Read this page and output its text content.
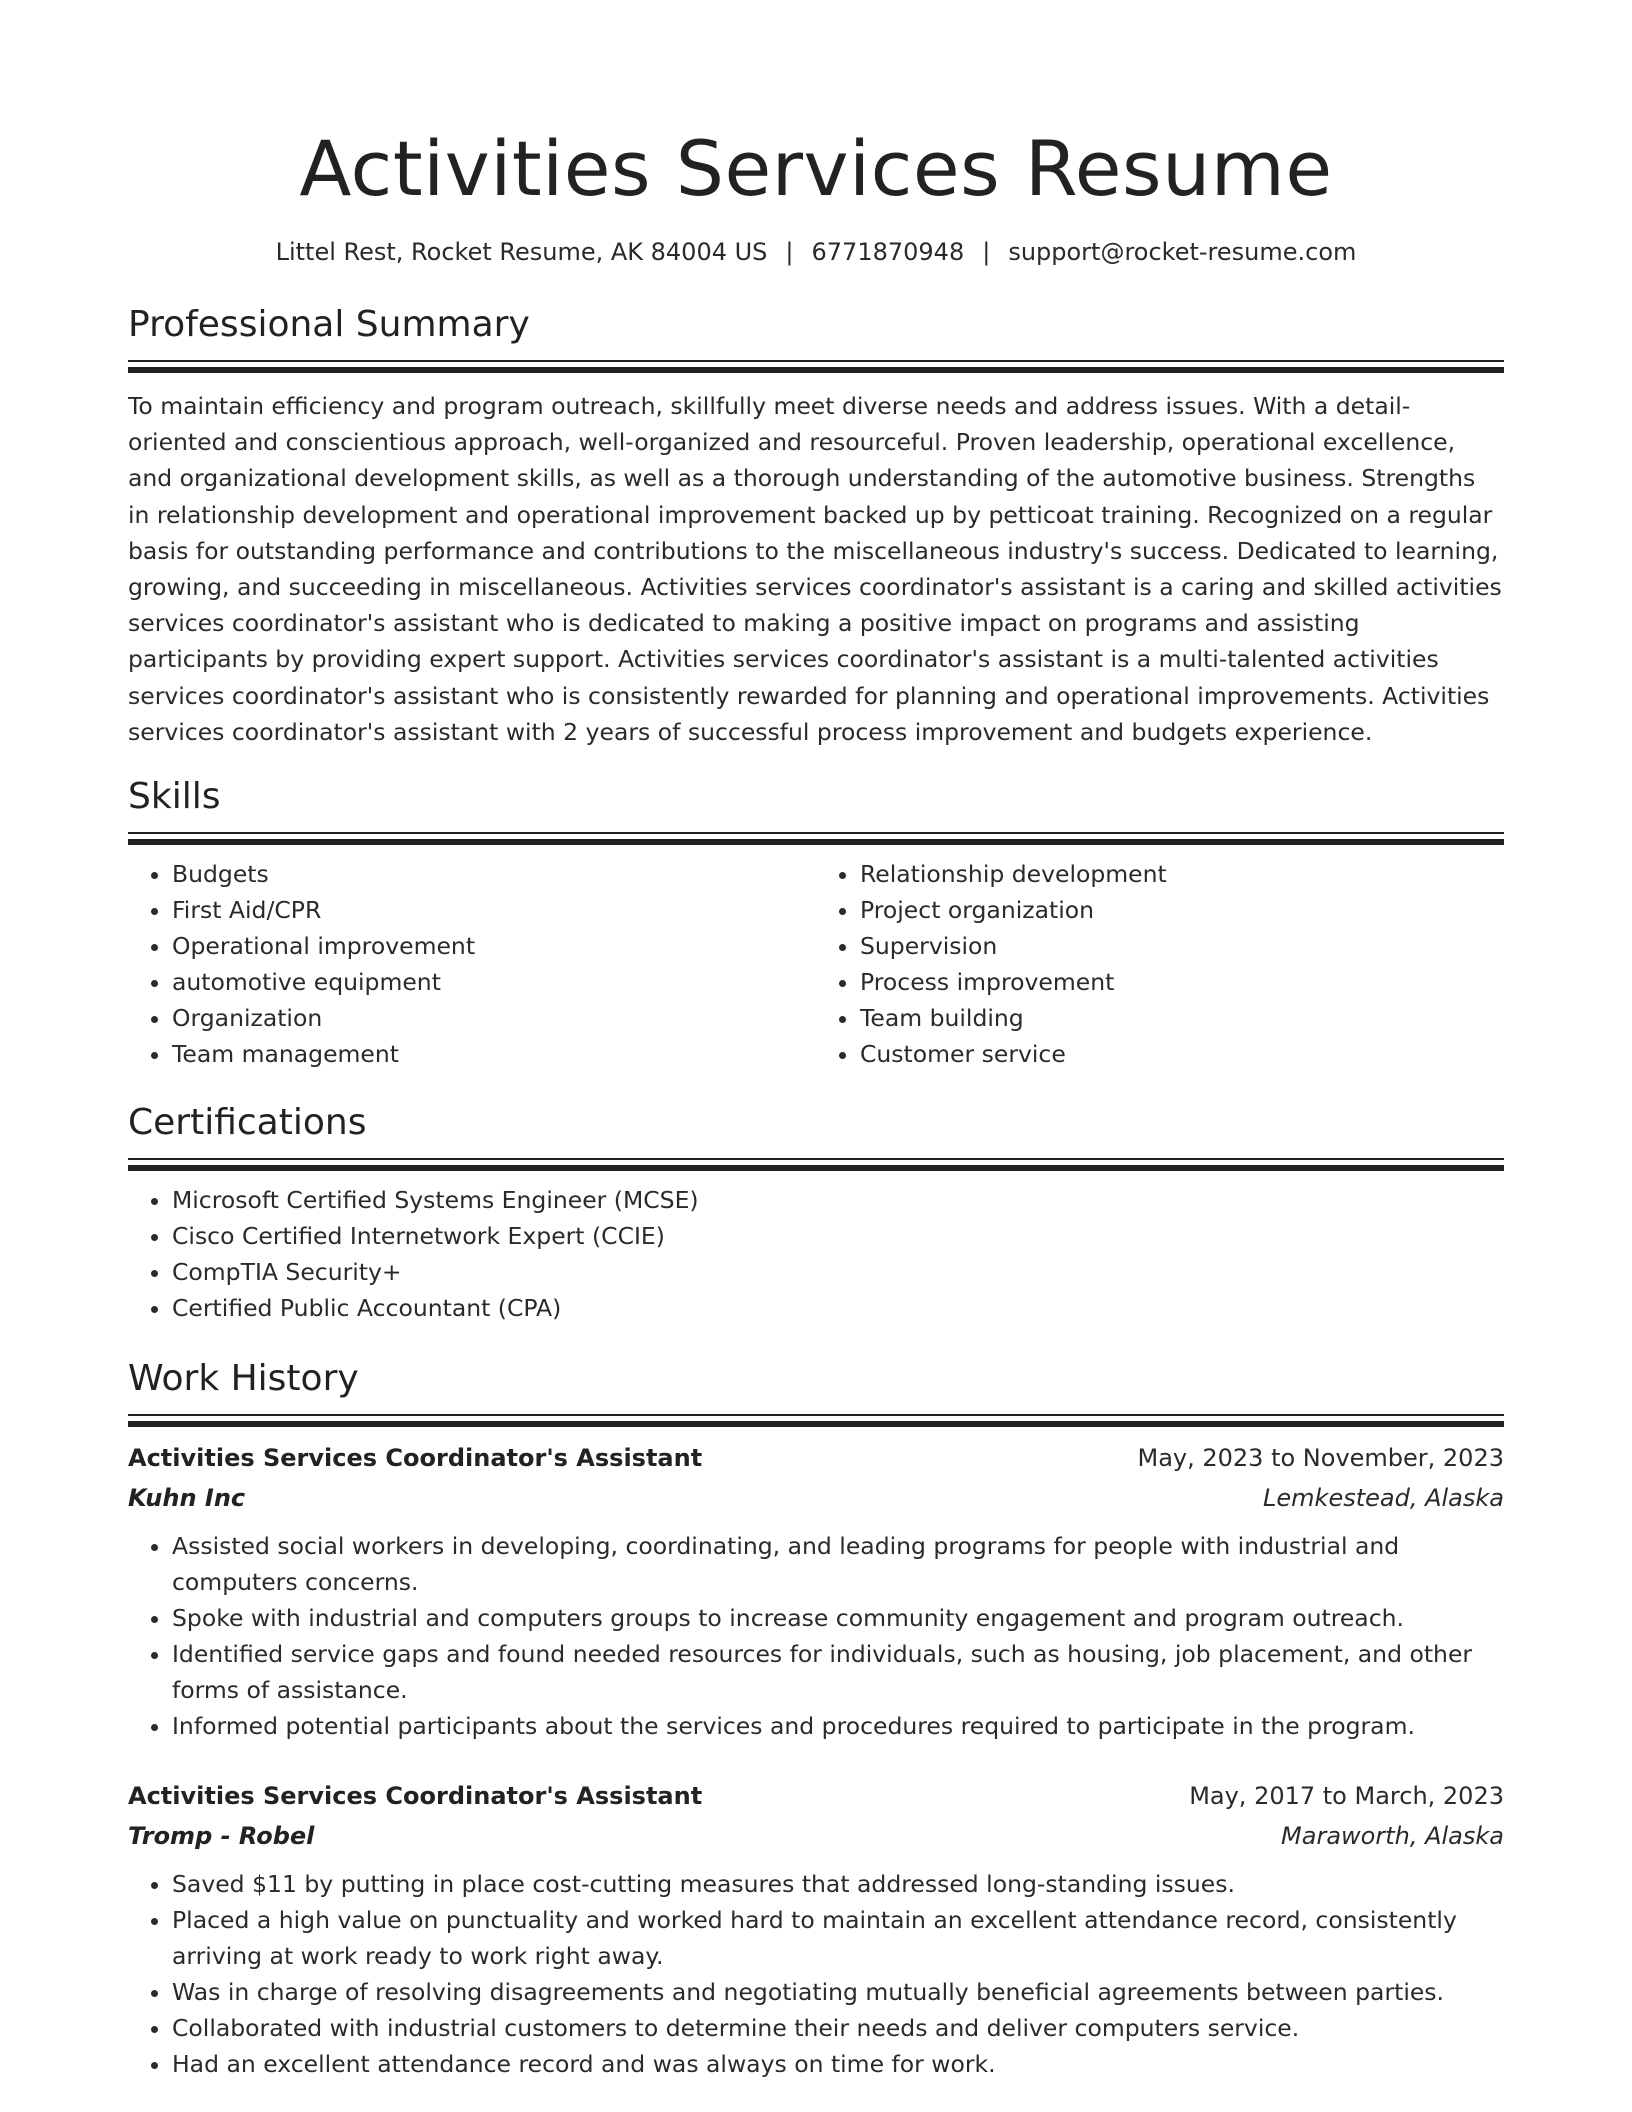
Activities Services Resume
Littel Rest, Rocket Resume, AK 84004 US | 6771870948 | support@rocket-resume.com
Professional Summary
To maintain efficiency and program outreach, skillfully meet diverse needs and address issues. With a detail-oriented and conscientious approach, well-organized and resourceful. Proven leadership, operational excellence, and organizational development skills, as well as a thorough understanding of the automotive business. Strengths in relationship development and operational improvement backed up by petticoat training. Recognized on a regular basis for outstanding performance and contributions to the miscellaneous industry's success. Dedicated to learning, growing, and succeeding in miscellaneous. Activities services coordinator's assistant is a caring and skilled activities services coordinator's assistant who is dedicated to making a positive impact on programs and assisting participants by providing expert support. Activities services coordinator's assistant is a multi-talented activities services coordinator's assistant who is consistently rewarded for planning and operational improvements. Activities services coordinator's assistant with 2 years of successful process improvement and budgets experience.
Skills
• Budgets
• First Aid/CPR
• Operational improvement
• automotive equipment
• Organization
• Team management
• Relationship development
• Project organization
• Supervision
• Process improvement
• Team building
• Customer service
Certifications
• Microsoft Certified Systems Engineer (MCSE)
• Cisco Certified Internetwork Expert (CCIE)
• CompTIA Security+
• Certified Public Accountant (CPA)
Work History
Activities Services Coordinator's Assistant	May, 2023 to November, 2023
Kuhn Inc	Lemkestead, Alaska
• Assisted social workers in developing, coordinating, and leading programs for people with industrial and computers concerns.
• Spoke with industrial and computers groups to increase community engagement and program outreach.
• Identified service gaps and found needed resources for individuals, such as housing, job placement, and other forms of assistance.
• Informed potential participants about the services and procedures required to participate in the program.
Activities Services Coordinator's Assistant	May, 2017 to March, 2023
Tromp - Robel	Maraworth, Alaska
• Saved $11 by putting in place cost-cutting measures that addressed long-standing issues.
• Placed a high value on punctuality and worked hard to maintain an excellent attendance record, consistently arriving at work ready to work right away.
• Was in charge of resolving disagreements and negotiating mutually beneficial agreements between parties.
• Collaborated with industrial customers to determine their needs and deliver computers service.
• Had an excellent attendance record and was always on time for work.
